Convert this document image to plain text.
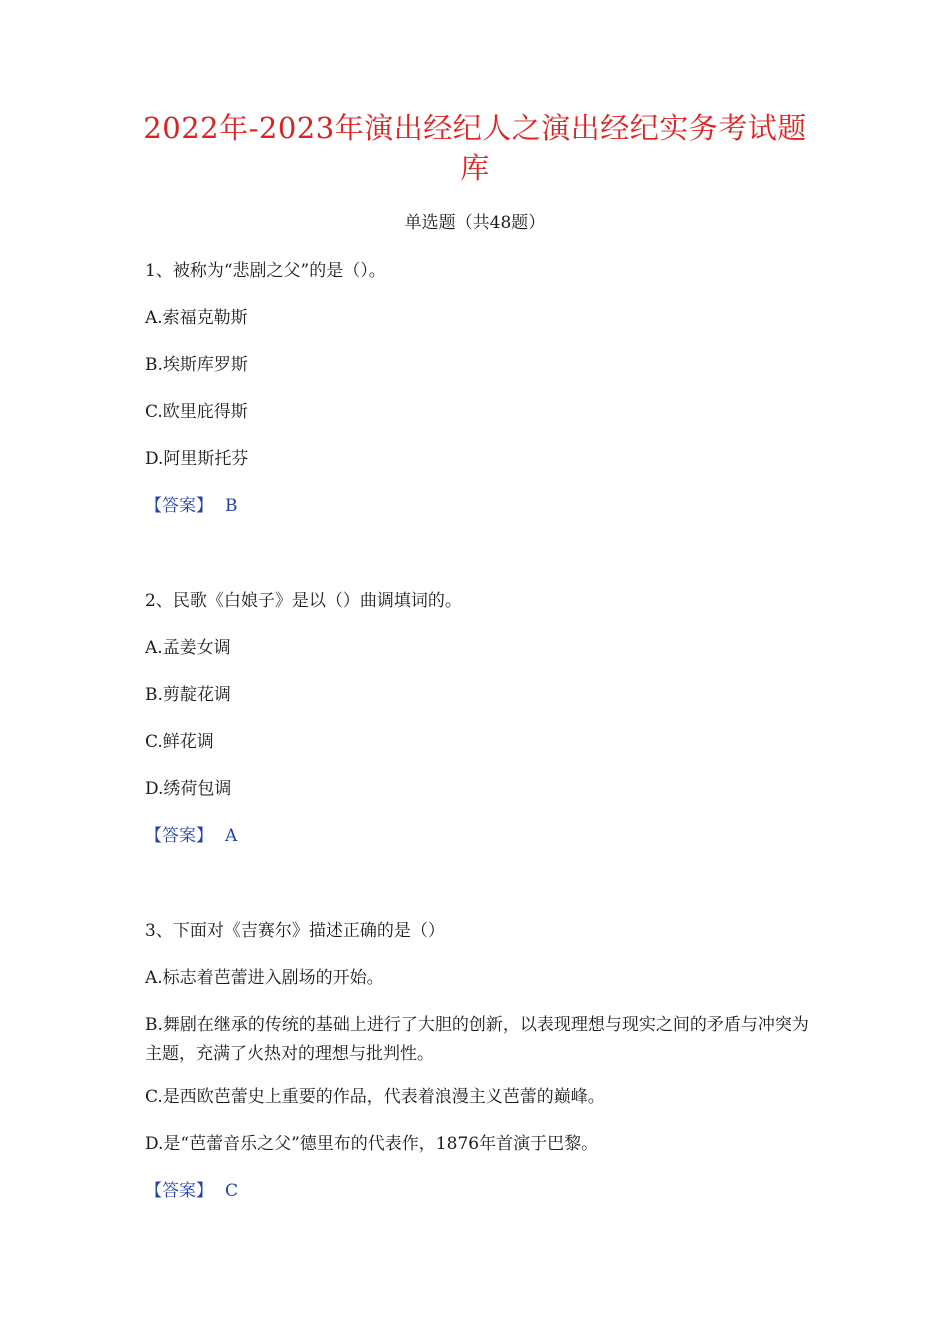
2022年-2023年演出经纪人之演出经纪实务考试题库
单选题（共48题）
1、被称为“悲剧之父”的是（）。
A.索福克勒斯
B.埃斯库罗斯
C.欧里庇得斯
D.阿里斯托芬
【答案】 B
2、民歌《白娘子》是以（）曲调填词的。
A.孟姜女调
B.剪靛花调
C.鲜花调
D.绣荷包调
【答案】 A
3、下面对《吉赛尔》描述正确的是（）
A.标志着芭蕾进入剧场的开始。
B.舞剧在继承的传统的基础上进行了大胆的创新，以表现理想与现实之间的矛盾与冲突为主题，充满了火热对的理想与批判性。
C.是西欧芭蕾史上重要的作品，代表着浪漫主义芭蕾的巅峰。
D.是“芭蕾音乐之父”德里布的代表作，1876年首演于巴黎。
【答案】 C
